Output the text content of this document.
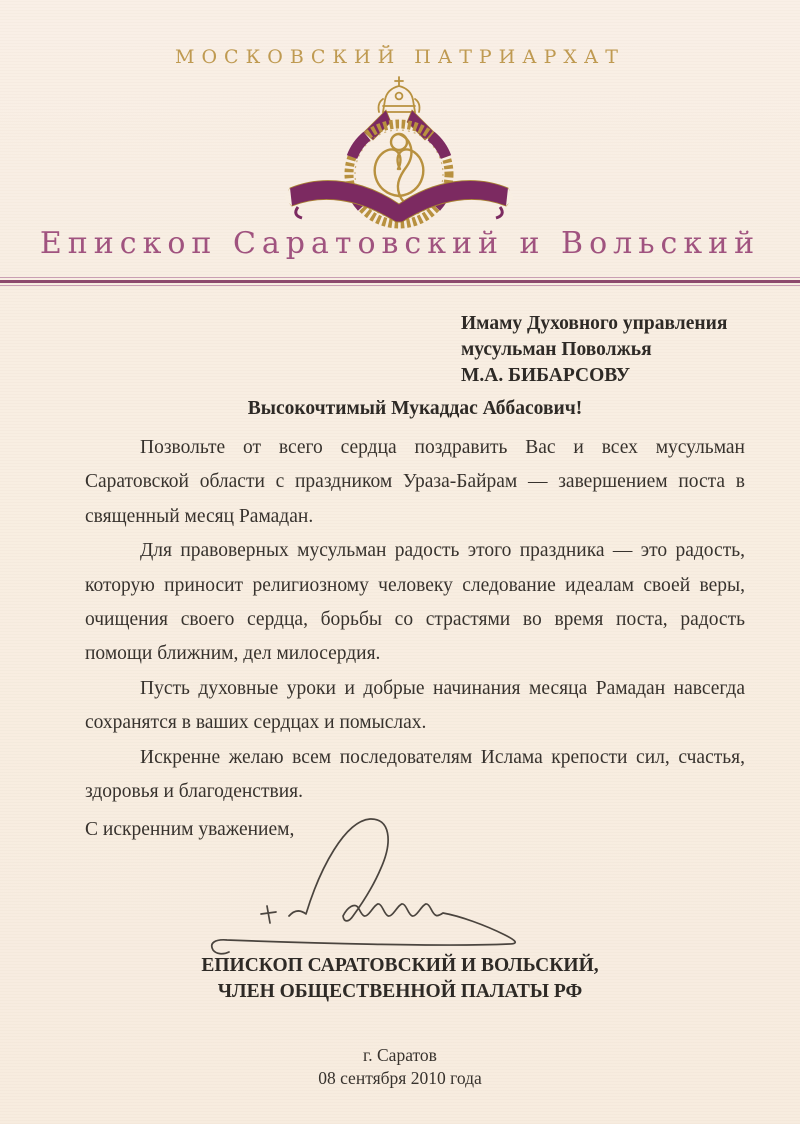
МОСКОВСКИЙ ПАТРИАРХАТ
Епископ Саратовский и Вольский
Имаму Духовного управления
мусульман Поволжья
М.А. БИБАРСОВУ
Высокочтимый Мукаддас Аббасович!

Позвольте от всего сердца поздравить Вас и всех мусульман Саратовской области с праздником Ураза-Байрам — завершением поста в священный месяц Рамадан.

Для правоверных мусульман радость этого праздника — это радость, которую приносит религиозному человеку следование идеалам своей веры, очищения своего сердца, борьбы со страстями во время поста, радость помощи ближним, дел милосердия.

Пусть духовные уроки и добрые начинания месяца Рамадан навсегда сохранятся в ваших сердцах и помыслах.

Искренне желаю всем последователям Ислама крепости сил, счастья, здоровья и благоденствия.

С искренним уважением,
ЕПИСКОП САРАТОВСКИЙ И ВОЛЬСКИЙ,
ЧЛЕН ОБЩЕСТВЕННОЙ ПАЛАТЫ РФ
г. Саратов
08 сентября 2010 года
